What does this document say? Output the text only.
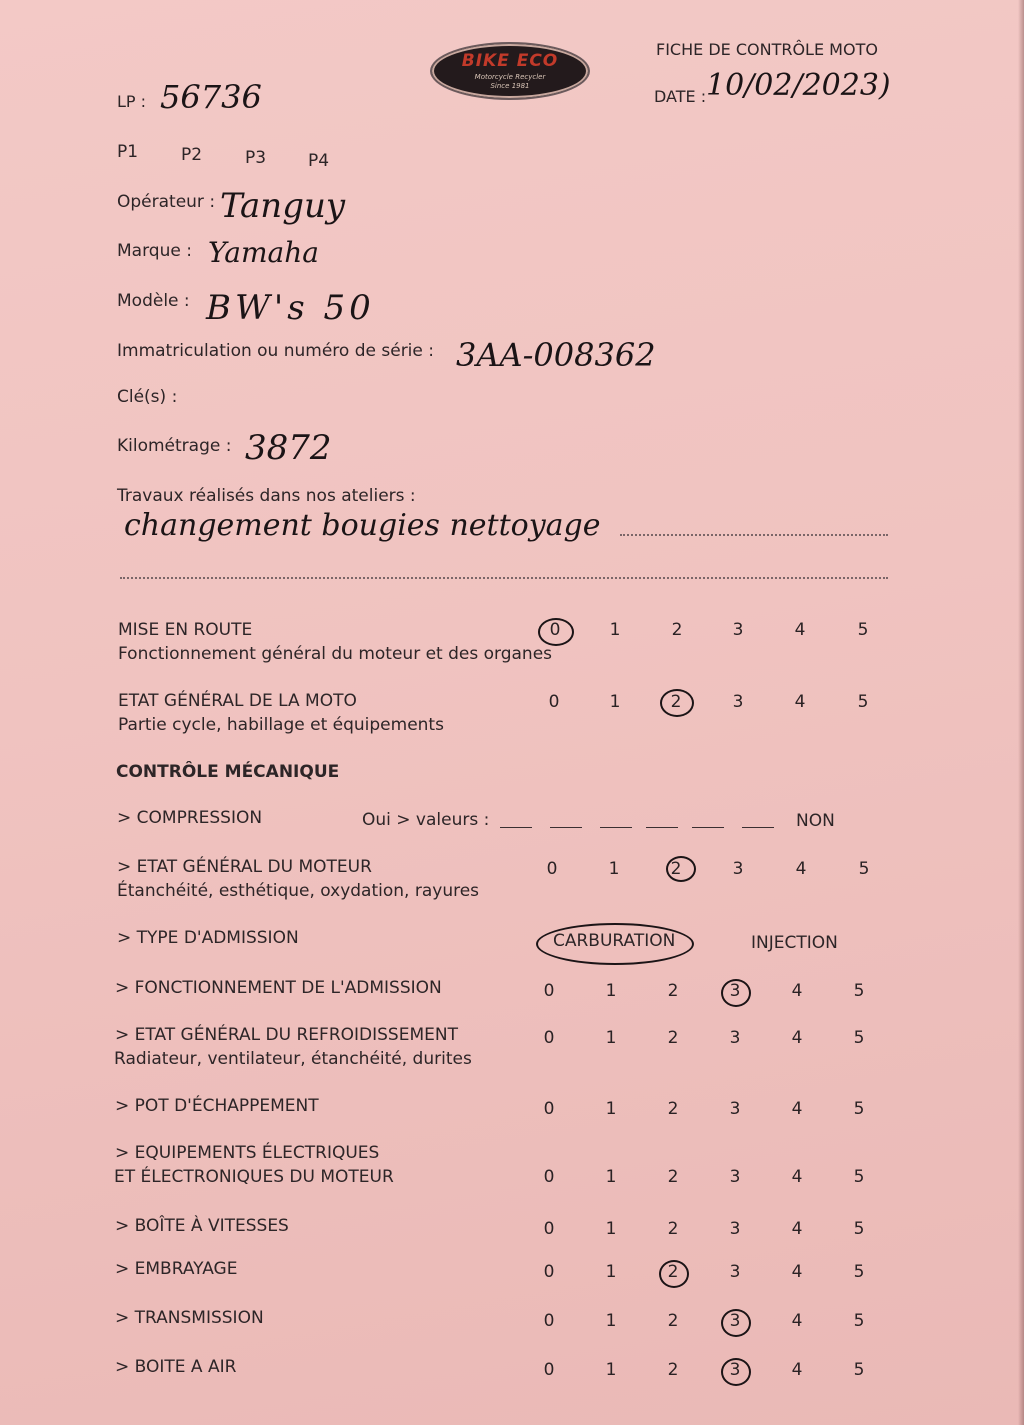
BIKE ECO
Motorcycle Recycler
Since 1981
FICHE DE CONTRÔLE MOTO
DATE : 10/02/2023)
LP : 56736
P1	P2	P3 P4
Opérateur : Tanguy
Marque : Yamaha
Modèle : BW's 50
Immatriculation ou numéro de série : 3AA-008362
Clé(s) :
Kilométrage : 3872
Travaux réalisés dans nos ateliers :
changement bougies nettoyage
MISE EN ROUTE
Fonctionnement général du moteur et des organes
0	1	2	3	4	5
ETAT GÉNÉRAL DE LA MOTO
Partie cycle, habillage et équipements
0	1	2	3	4	5
CONTRÔLE MÉCANIQUE
> COMPRESSION	Oui > valeurs :	NON
> ETAT GÉNÉRAL DU MOTEUR
Étanchéité, esthétique, oxydation, rayures
0	1	2	3	4	5
> TYPE D'ADMISSION	CARBURATION	INJECTION
> FONCTIONNEMENT DE L'ADMISSION	0	1	2	3	4	5
> ETAT GÉNÉRAL DU REFROIDISSEMENT
Radiateur, ventilateur, étanchéité, durites
0	1	2	3	4	5
> POT D'ÉCHAPPEMENT	0	1	2	3	4	5
> EQUIPEMENTS ÉLECTRIQUES
ET ÉLECTRONIQUES DU MOTEUR	0	1	2	3	4	5
> BOÎTE À VITESSES	0	1	2	3	4	5
> EMBRAYAGE	0	1	2	3	4	5
> TRANSMISSION	0	1	2	3	4	5
> BOITE A AIR	0	1	2	3	4	5
